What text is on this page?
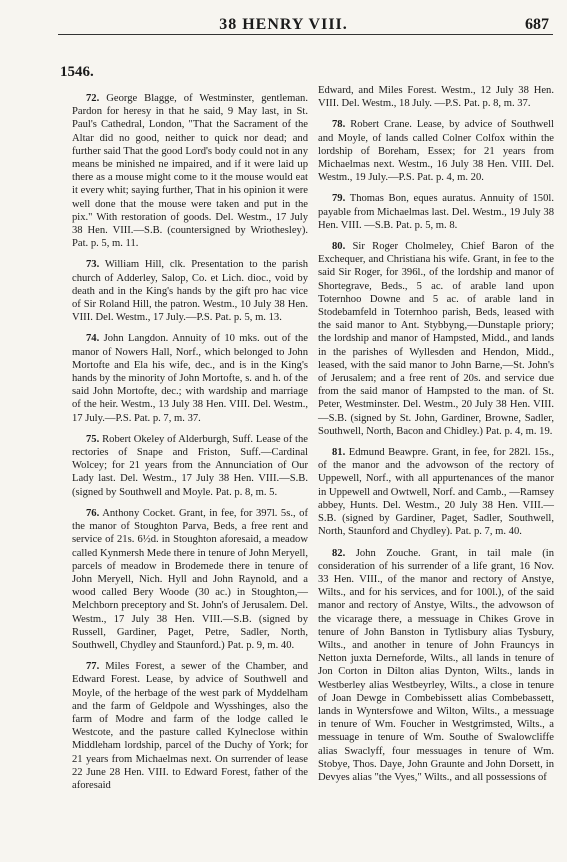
38 HENRY VIII.	687
1546.

72. George Blagge, of Westminster, gentleman. Pardon for heresy in that he said, 9 May last, in St. Paul's Cathedral, London, "That the Sacrament of the Altar did no good, neither to quick nor dead; and further said That the good Lord's body could not in any means be minished ne impaired, and if it were laid up there as a mouse might come to it the mouse would eat it every whit; saying further, That in his opinion it were well done that the mouse were taken and put in the pix." With restoration of goods. Del. Westm., 17 July 38 Hen. VIII.—S.B. (countersigned by Wriothesley). Pat. p. 5, m. 11.

73. William Hill, clk. Presentation to the parish church of Adderley, Salop, Co. et Lich. dioc., void by death and in the King's hands by the gift pro hac vice of Sir Roland Hill, the patron. Westm., 10 July 38 Hen. VIII. Del. Westm., 17 July.—P.S. Pat. p. 5, m. 13.

74. John Langdon. Annuity of 10 mks. out of the manor of Nowers Hall, Norf., which belonged to John Mortofte and Ela his wife, dec., and is in the King's hands by the minority of John Mortofte, s. and h. of the said John Mortofte, dec.; with wardship and marriage of the heir. Westm., 13 July 38 Hen. VIII. Del. Westm., 17 July.—P.S. Pat. p. 7, m. 37.

75. Robert Okeley of Alderburgh, Suff. Lease of the rectories of Snape and Friston, Suff.—Cardinal Wolcey; for 21 years from the Annunciation of Our Lady last. Del. Westm., 17 July 38 Hen. VIII.—S.B. (signed by Southwell and Moyle. Pat. p. 8, m. 5.

76. Anthony Cocket. Grant, in fee, for 397l. 5s., of the manor of Stoughton Parva, Beds, a free rent and service of 21s. 6½d. in Stoughton aforesaid, a meadow called Kynmersh Mede there in tenure of John Meryell, parcels of meadow in Brodemede there in tenure of John Meryell, Nich. Hyll and John Raynold, and a wood called Bery Woode (30 ac.) in Stoughton,—Melchborn preceptory and St. John's of Jerusalem. Del. Westm., 17 July 38 Hen. VIII.—S.B. (signed by Russell, Gardiner, Paget, Petre, Sadler, North, Southwell, Chydley and Staunford.) Pat. p. 9, m. 40.

77. Miles Forest, a sewer of the Chamber, and Edward Forest. Lease, by advice of Southwell and Moyle, of the herbage of the west park of Myddelham and the farm of Geldpole and Wysshinges, also the farm of Modre and farm of the lodge called le Westcote, and the pasture called Kylneclose within Middleham lordship, parcel of the Duchy of York; for 21 years from Michaelmas next. On surrender of lease 22 June 28 Hen. VIII. to Edward Forest, father of the aforesaid

Edward, and Miles Forest. Westm., 12 July 38 Hen. VIII. Del. Westm., 18 July. —P.S. Pat. p. 8, m. 37.

78. Robert Crane. Lease, by advice of Southwell and Moyle, of lands called Colner Colfox within the lordship of Boreham, Essex; for 21 years from Michaelmas next. Westm., 16 July 38 Hen. VIII. Del. Westm., 19 July.—P.S. Pat. p. 4, m. 20.

79. Thomas Bon, eques auratus. Annuity of 150l. payable from Michaelmas last. Del. Westm., 19 July 38 Hen. VIII. —S.B. Pat. p. 5, m. 8.

80. Sir Roger Cholmeley, Chief Baron of the Exchequer, and Christiana his wife. Grant, in fee to the said Sir Roger, for 396l., of the lordship and manor of Shortegrave, Beds., 5 ac. of arable land upon Toternhoo Downe and 5 ac. of arable land in Stodebamfeld in Toternhoo parish, Beds, leased with the said manor to Ant. Stybbyng,—Dunstaple priory; the lordship and manor of Hampsted, Midd., and lands in the parishes of Wyllesden and Hendon, Midd., leased, with the said manor to John Barne,—St. John's of Jerusalem; and a free rent of 20s. and service due from the said manor of Hampsted to the man. of St. Peter, Westminster. Del. Westm., 20 July 38 Hen. VIII.—S.B. (signed by St. John, Gardiner, Browne, Sadler, Southwell, North, Bacon and Chidley.) Pat. p. 4, m. 19.

81. Edmund Beawpre. Grant, in fee, for 282l. 15s., of the manor and the advowson of the rectory of Uppewell, Norf., with all appurtenances of the manor in Uppewell and Owtwell, Norf. and Camb., —Ramsey abbey, Hunts. Del. Westm., 20 July 38 Hen. VIII.—S.B. (signed by Gardiner, Paget, Sadler, Southwell, North, Staunford and Chydley). Pat. p. 7, m. 40.

82. John Zouche. Grant, in tail male (in consideration of his surrender of a life grant, 16 Nov. 33 Hen. VIII., of the manor and rectory of Anstye, Wilts., and for his services, and for 100l.), of the said manor and rectory of Anstye, Wilts., the advowson of the vicarage there, a messuage in Chikes Grove in tenure of John Banston in Tytlisbury alias Tysbury, Wilts., and another in tenure of John Frauncys in Netton juxta Derneforde, Wilts., all lands in tenure of Jon Corton in Dilton alias Dynton, Wilts., lands in Westberley alias Westbeyrley, Wilts., a close in tenure of Joan Dewge in Combebissett alias Combebassett, lands in Wyntersfowe and Wilton, Wilts., a messuage in tenure of Wm. Foucher in Westgrimsted, Wilts., a messuage in tenure of Wm. Southe of Swalowcliffe alias Swaclyff, four messuages in tenure of Wm. Stobye, Thos. Daye, John Graunte and John Dorsett, in Devyes alias "the Vyes," Wilts., and all possessions of
